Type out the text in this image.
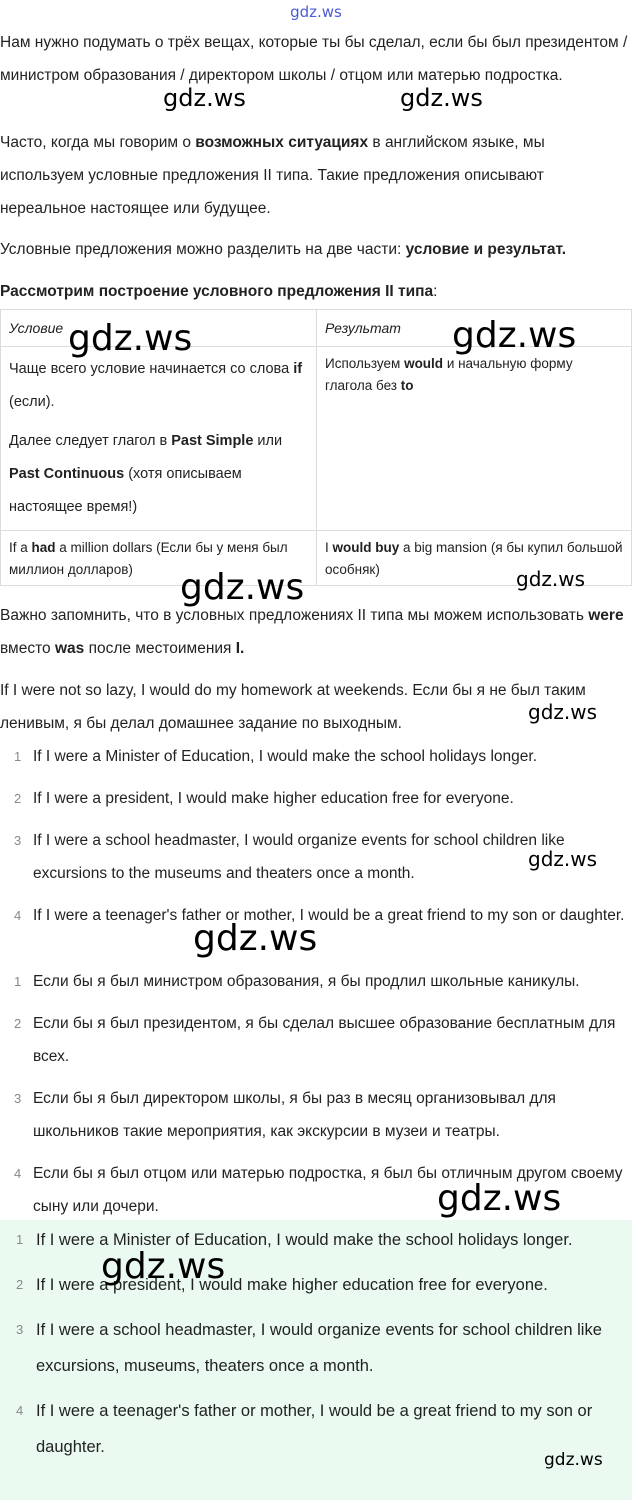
gdz.ws
Нам нужно подумать о трёх вещах, которые ты бы сделал, если бы был президентом / министром образования / директором школы / отцом или матерью подростка.
Часто, когда мы говорим о возможных ситуациях в английском языке, мы используем условные предложения II типа. Такие предложения описывают нереальное настоящее или будущее.
Условные предложения можно разделить на две части: условие и результат.
Рассмотрим построение условного предложения II типа:
Условие	Результат

Чаще всего условие начинается со слова if (если).
Далее следует глагол в Past Simple или Past Continuous (хотя описываем настоящее время!)	Используем would и начальную форму глагола без to

If a had a million dollars (Если бы у меня был миллион долларов)	I would buy a big mansion (я бы купил большой особняк)
Важно запомнить, что в условных предложениях II типа мы можем использовать were вместо was после местоимения I.
If I were not so lazy, I would do my homework at weekends. Если бы я не был таким ленивым, я бы делал домашнее задание по выходным.
1 If I were a Minister of Education, I would make the school holidays longer.
2 If I were a president, I would make higher education free for everyone.
3 If I were a school headmaster, I would organize events for school children like excursions to the museums and theaters once a month.
4 If I were a teenager's father or mother, I would be a great friend to my son or daughter.
1 Если бы я был министром образования, я бы продлил школьные каникулы.
2 Если бы я был президентом, я бы сделал высшее образование бесплатным для всех.
3 Если бы я был директором школы, я бы раз в месяц организовывал для школьников такие мероприятия, как экскурсии в музеи и театры.
4 Если бы я был отцом или матерью подростка, я был бы отличным другом своему сыну или дочери.
1 If I were a Minister of Education, I would make the school holidays longer.
2 If I were a president, I would make higher education free for everyone.
3 If I were a school headmaster, I would organize events for school children like excursions, museums, theaters once a month.
4 If I were a teenager's father or mother, I would be a great friend to my son or daughter.
gdz.ws	gdz.ws
gdz.ws	gdz.ws
gdz.ws	gdz.ws
gdz.ws
gdz.ws
gdz.ws
gdz.ws
gdz.ws
gdz.ws
